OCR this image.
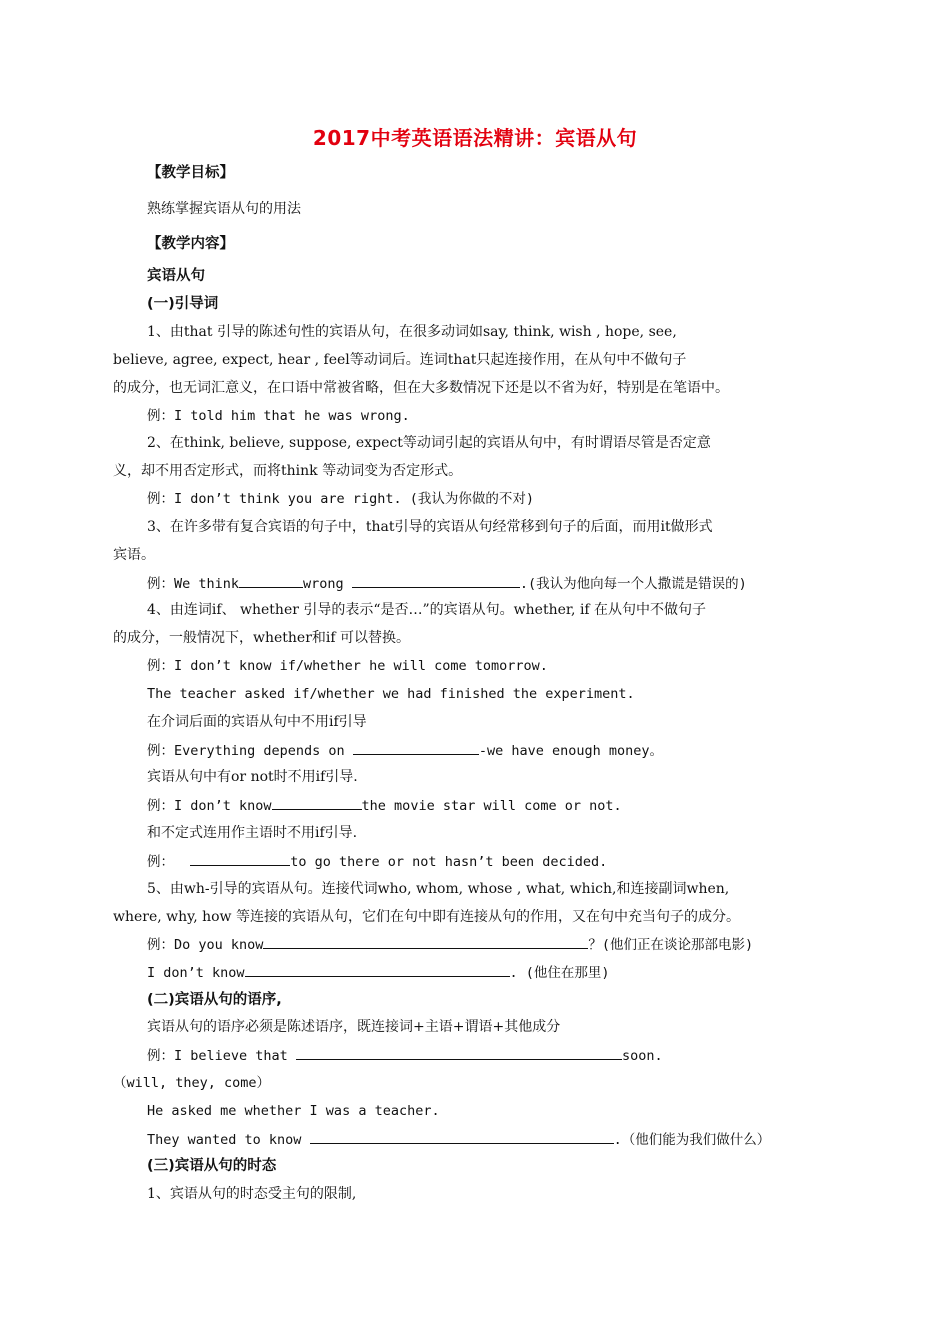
2017中考英语语法精讲：宾语从句
【教学目标】
熟练掌握宾语从句的用法
【教学内容】
宾语从句
(一)引导词
1、由that 引导的陈述句性的宾语从句，在很多动词如say, think, wish , hope, see,
believe, agree, expect, hear , feel等动词后。连词that只起连接作用，在从句中不做句子
的成分，也无词汇意义，在口语中常被省略，但在大多数情况下还是以不省为好，特别是在笔语中。
例：I told him that he was wrong.
2、在think, believe, suppose, expect等动词引起的宾语从句中，有时谓语尽管是否定意
义，却不用否定形式，而将think 等动词变为否定形式。
例：I don’t think you are right. (我认为你做的不对)
3、在许多带有复合宾语的句子中，that引导的宾语从句经常移到句子的后面，而用it做形式
宾语。
例：We think	wrong	.(我认为他向每一个人撒谎是错误的)
4、由连词if、 whether 引导的表示“是否…”的宾语从句。whether, if 在从句中不做句子
的成分，一般情况下，whether和if 可以替换。
例：I don’t know if/whether he will come tomorrow.
The teacher asked if/whether we had finished the experiment.
在介词后面的宾语从句中不用if引导
例：Everything depends on	-we have enough money。
宾语从句中有or not时不用if引导.
例：I don’t know	the movie star will come or not.
和不定式连用作主语时不用if引导.
例：	to go there or not hasn’t been decided.
5、由wh-引导的宾语从句。连接代词who, whom, whose , what, which,和连接副词when,
where, why, how 等连接的宾语从句，它们在句中即有连接从句的作用，又在句中充当句子的成分。
例：Do you know	？(他们正在谈论那部电影)
I don’t know	. (他住在那里)
(二)宾语从句的语序,
宾语从句的语序必须是陈述语序，既连接词+主语+谓语+其他成分
例：I believe that	soon.
（will, they, come）
He asked me whether I was a teacher.
They wanted to know	.（他们能为我们做什么）
(三)宾语从句的时态
1、宾语从句的时态受主句的限制,
